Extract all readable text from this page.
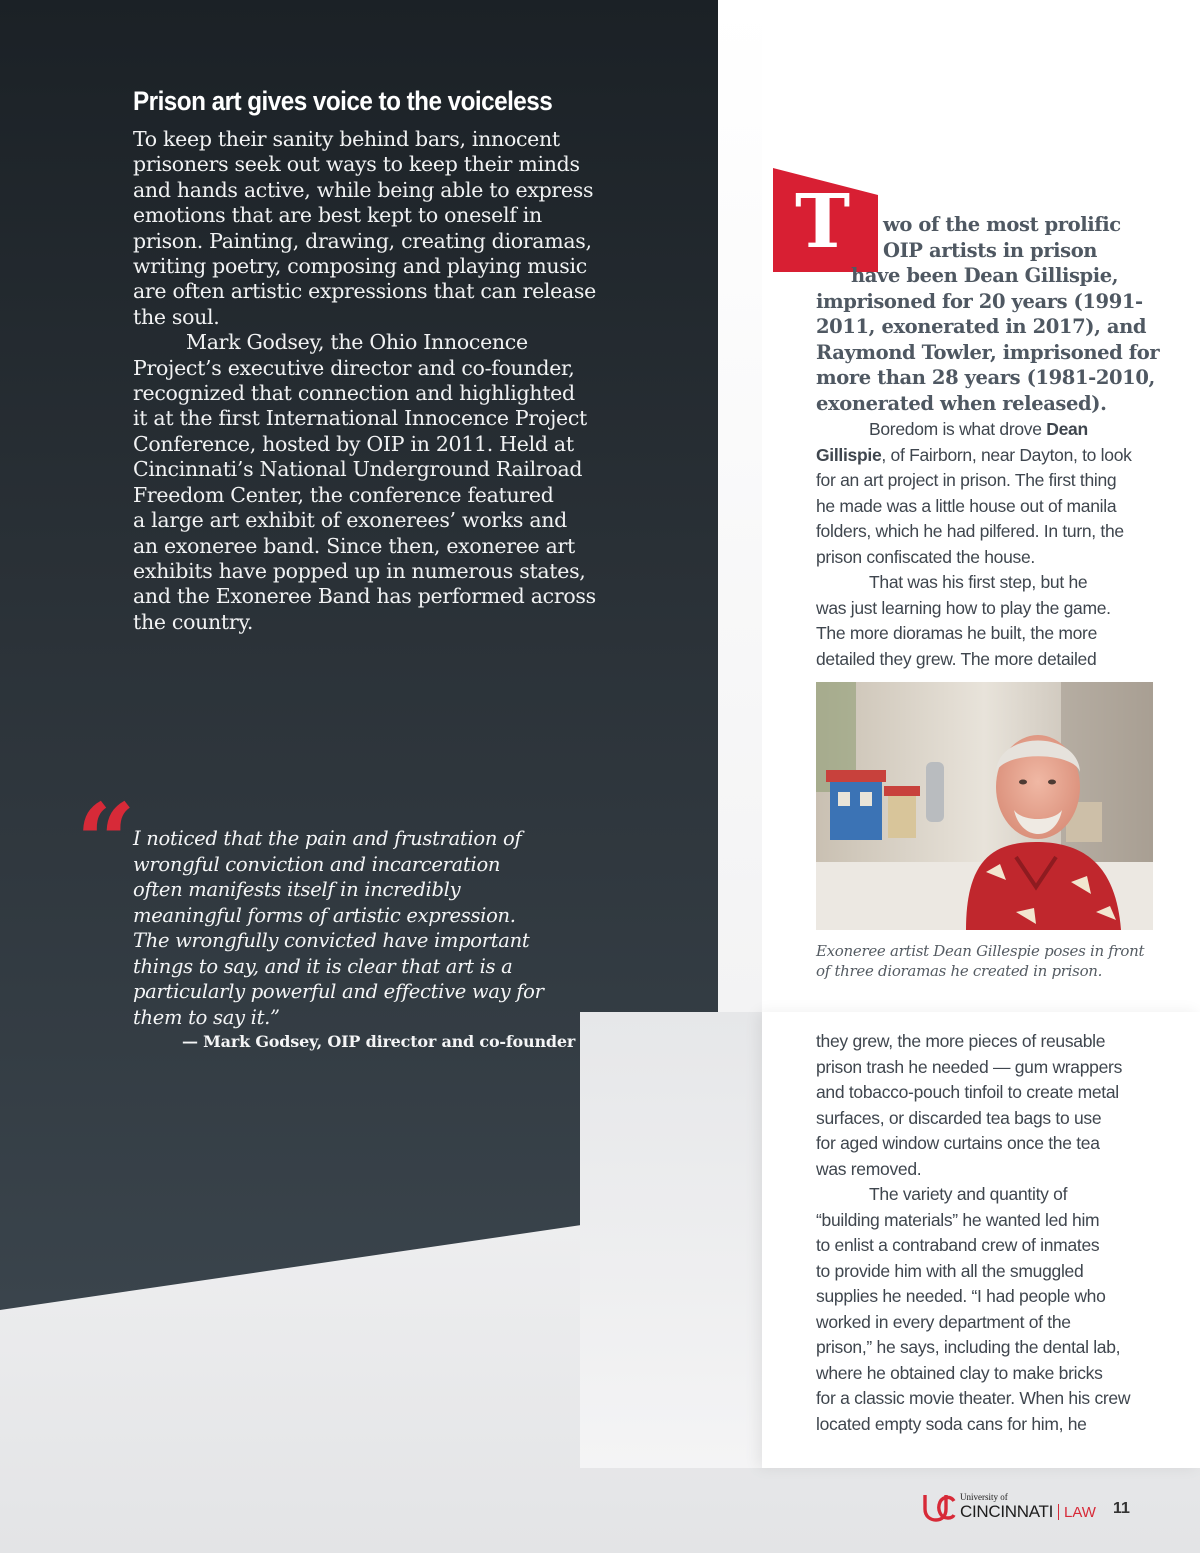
Prison art gives voice to the voiceless

To keep their sanity behind bars, innocent

prisoners seek out ways to keep their minds

and hands active, while being able to express

emotions that are best kept to oneself in

prison. Painting, drawing, creating dioramas,

writing poetry, composing and playing music

are often artistic expressions that can release

the soul.

Mark Godsey, the Ohio Innocence

Project’s executive director and co-founder,

recognized that connection and highlighted

it at the first International Innocence Project

Conference, hosted by OIP in 2011. Held at

Cincinnati’s National Underground Railroad

Freedom Center, the conference featured

a large art exhibit of exonerees’ works and

an exoneree band. Since then, exoneree art

exhibits have popped up in numerous states,

and the Exoneree Band has performed across

the country.

“ I noticed that the pain and frustration of

wrongful conviction and incarceration

often manifests itself in incredibly

meaningful forms of artistic expression.

The wrongfully convicted have important

things to say, and it is clear that art is a

particularly powerful and effective way for

them to say it.”

— Mark Godsey, OIP director and co-founder
T	wo of the most prolific
OIP artists in prison
have been Dean Gillispie,
imprisoned for 20 years (1991-
2011, exonerated in 2017), and
Raymond Towler, imprisoned for
more than 28 years (1981-2010,
exonerated when released).

Boredom is what drove Dean

Gillispie, of Fairborn, near Dayton, to look

for an art project in prison. The first thing

he made was a little house out of manila

folders, which he had pilfered. In turn, the

prison confiscated the house.

That was his first step, but he

was just learning how to play the game.

The more dioramas he built, the more

detailed they grew. The more detailed

Exoneree artist Dean Gillespie poses in front

of three dioramas he created in prison.

they grew, the more pieces of reusable

prison trash he needed — gum wrappers

and tobacco-pouch tinfoil to create metal

surfaces, or discarded tea bags to use

for aged window curtains once the tea

was removed.

The variety and quantity of

“building materials” he wanted led him

to enlist a contraband crew of inmates

to provide him with all the smuggled

supplies he needed. “I had people who

worked in every department of the

prison,” he says, including the dental lab,

where he obtained clay to make bricks

for a classic movie theater. When his crew

located empty soda cans for him, he

University of
CINCINNATI LAW 11
